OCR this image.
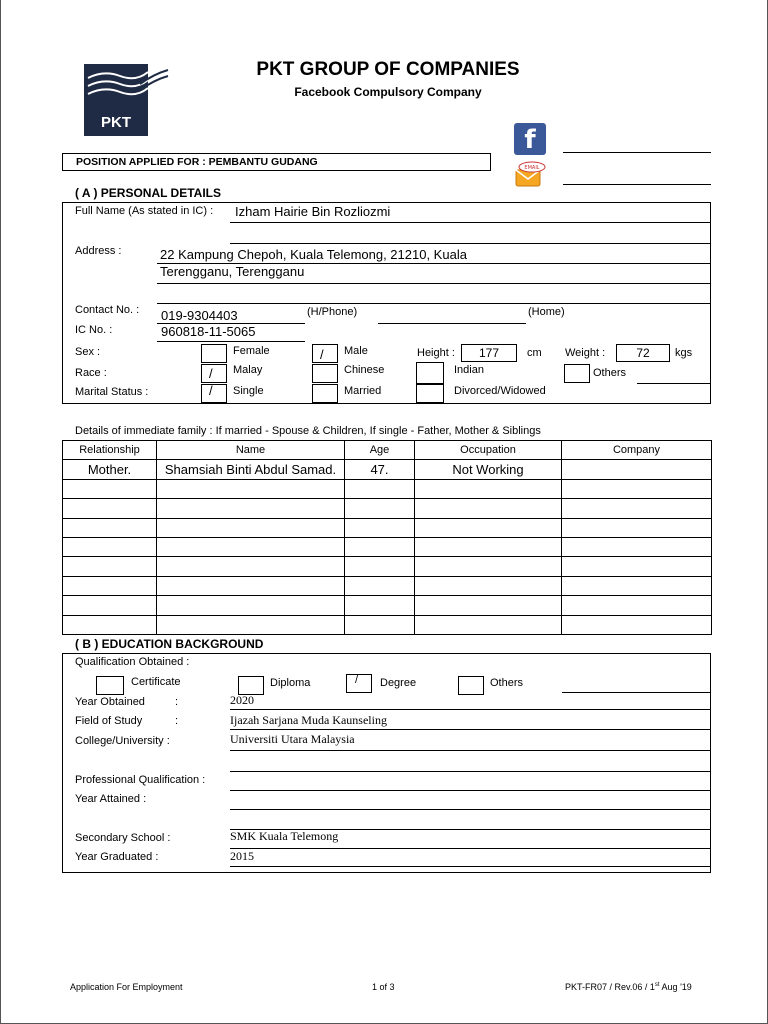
PKT
PKT GROUP OF COMPANIES
Facebook Compulsory Company
f
EMAIL
POSITION APPLIED FOR : PEMBANTU GUDANG
( A ) PERSONAL DETAILS
Full Name (As stated in IC) : Izham Hairie Bin Rozliozmi
Address :	22 Kampung Chepoh, Kuala Telemong, 21210, Kuala
Terengganu, Terengganu
Contact No. : 019-9304403	(H/Phone)	(Home)
IC No. :	960818-11-5065
Sex :	Female	/ Male	Height :	177	cm Weight :	72	kgs
Race :	/ Malay	Chinese	Indian	Others
Marital Status :	/ Single	Married	Divorced/Widowed
Details of immediate family : If married - Spouse & Children, If single - Father, Mother & Siblings
Relationship	Name	Age	Occupation	Company
Mother.	Shamsiah Binti Abdul Samad.	47.	Not Working	

( B ) EDUCATION BACKGROUND
Qualification Obtained :
Certificate	Diploma	/ Degree	Others
Year Obtained	:	2020
Field of Study	:	Ijazah Sarjana Muda Kaunseling
College/University :	Universiti Utara Malaysia
Professional Qualification :
Year Attained :
Secondary School :	SMK Kuala Telemong
Year Graduated :	2015
Application For Employment	1 of 3	PKT-FR07 / Rev.06 / 1st Aug '19
